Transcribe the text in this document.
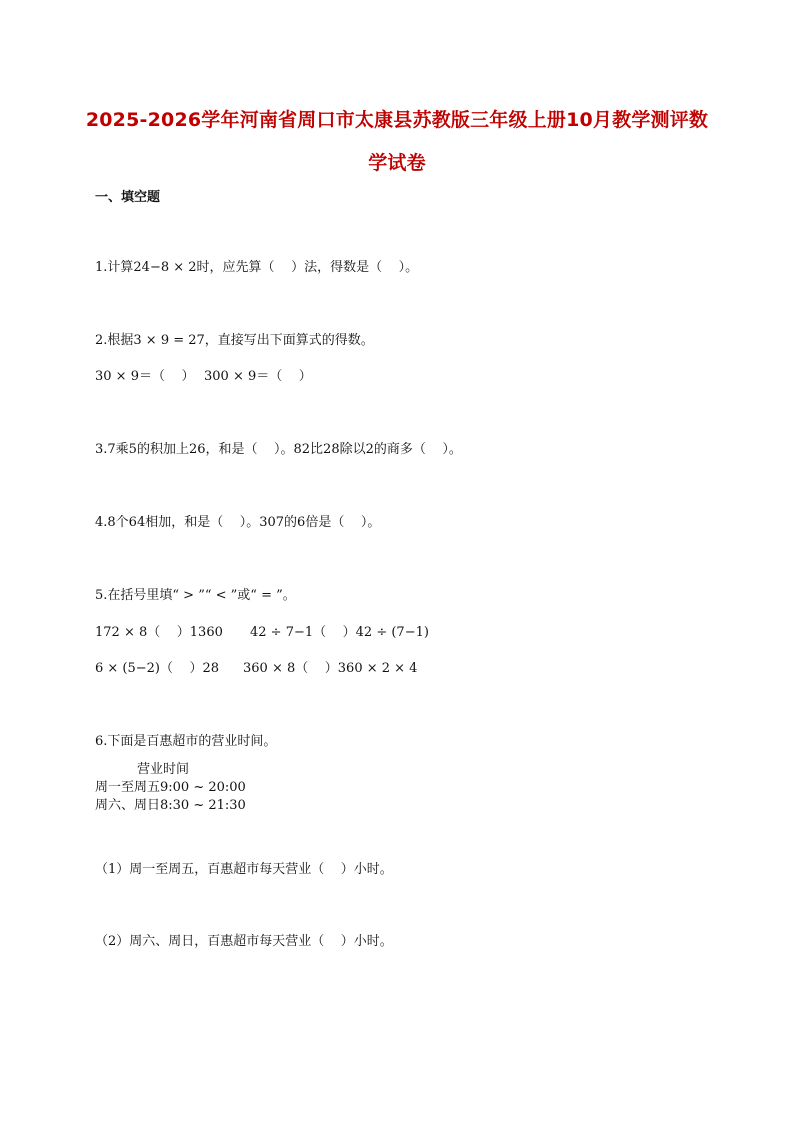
2025-2026学年河南省周口市太康县苏教版三年级上册10月教学测评数
学试卷
一、填空题
1.计算24−8 × 2时，应先算（    ）法，得数是（    ）。
2.根据3 × 9 = 27，直接写出下面算式的得数。
30 × 9＝（    ） 300 × 9＝（    ）
3.7乘5的积加上26，和是（    ）。82比28除以2的商多（    ）。
4.8个64相加，和是（    ）。307的6倍是（    ）。
5.在括号里填“ > ”“ < ”或“ = ”。
172 × 8（    ）1360 42 ÷ 7−1（    ）42 ÷ (7−1)
6 × (5−2)（    ）28 360 × 8（    ）360 × 2 × 4
6.下面是百惠超市的营业时间。
营业时间
周一至周五9:00 ~ 20:00
周六、周日8:30 ~ 21:30
（1）周一至周五，百惠超市每天营业（    ）小时。
（2）周六、周日，百惠超市每天营业（    ）小时。
